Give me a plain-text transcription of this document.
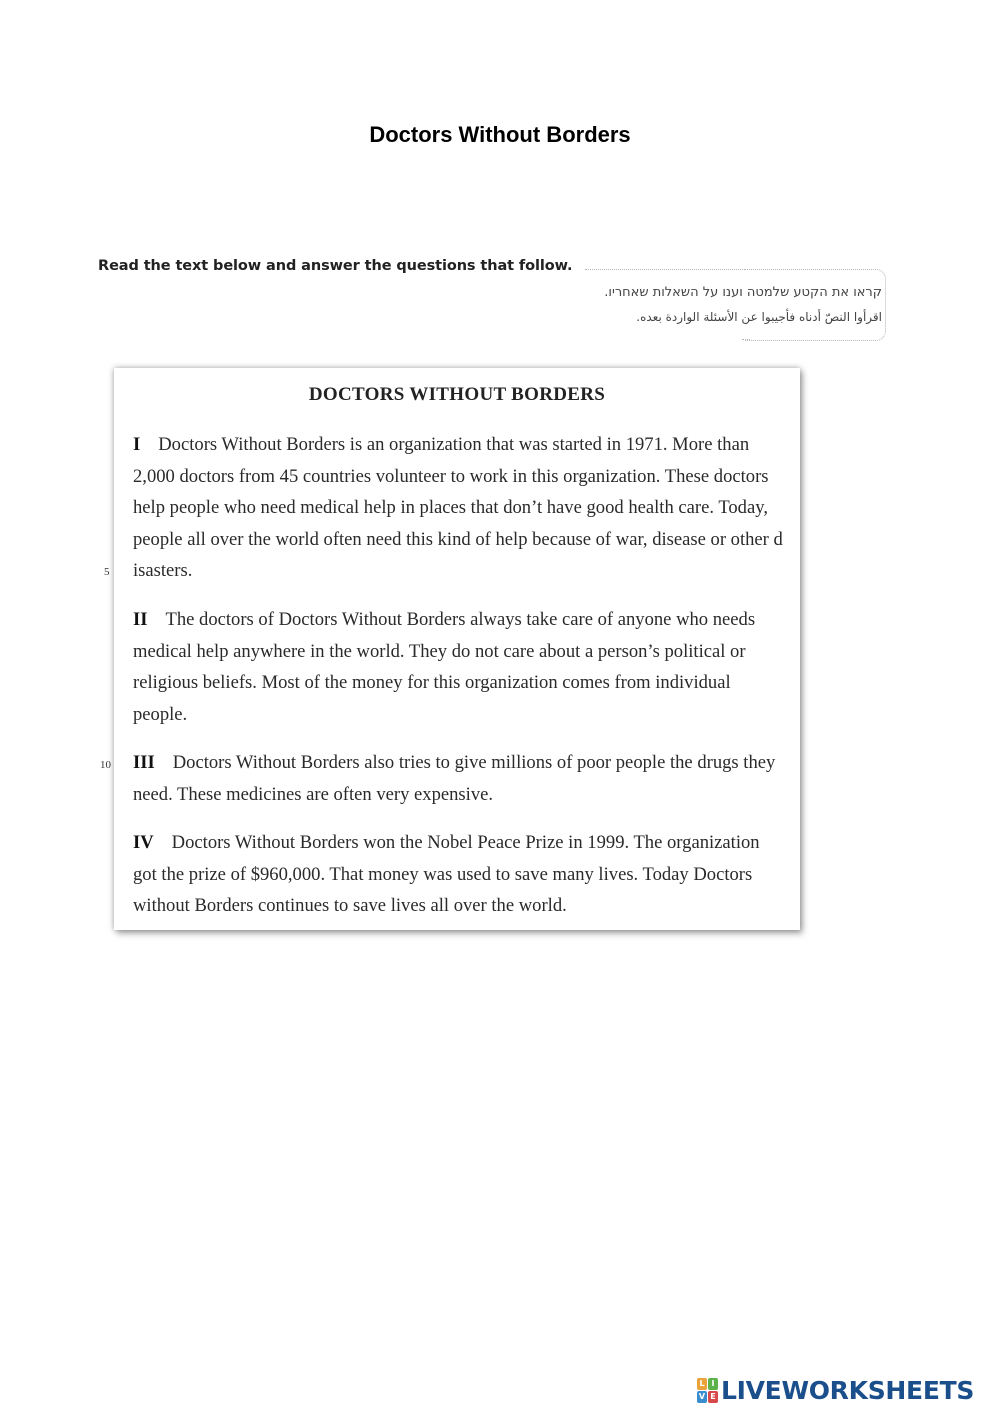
Doctors Without Borders
Read the text below and answer the questions that follow.
קראו את הקטע שלמטה וענו על השאלות שאחריו.
اقرأوا النصّ أدناه فأجيبوا عن الأسئلة الواردة بعده.
DOCTORS WITHOUT BORDERS

I Doctors Without Borders is an organization that was started in 1971. More than 2,000 doctors from 45 countries volunteer to work in this organization. These doctors help people who need medical help in places that don’t have good health care. Today, people all over the world often need this kind of help because of war, disease or other d isasters.

II The doctors of Doctors Without Borders always take care of anyone who needs medical help anywhere in the world. They do not care about a person’s political or religious beliefs. Most of the money for this organization comes from individual people.

III Doctors Without Borders also tries to give millions of poor people the drugs they need. These medicines are often very expensive.

IV Doctors Without Borders won the Nobel Peace Prize in 1999. The organization got the prize of $960,000. That money was used to save many lives. Today Doctors without Borders continues to save lives all over the world.

5
10
L I
V E LIVEWORKSHEETS
